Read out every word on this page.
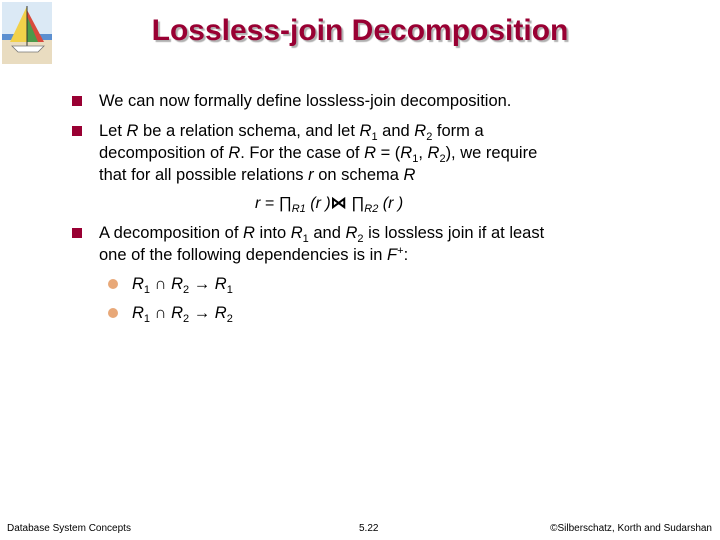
Lossless-join Decomposition
We can now formally define lossless-join decomposition.
Let R be a relation schema, and let $R_1$ and $R_2$ form a
decomposition of R. For the case of $R = (R_1$, $R_2$), we require
that for all possible relations r on schema R
$r = \prod_{R1}$ (r )⋈ $\prod_{R2}$ (r )
A decomposition of R into $R_1$ and $R_2$ is lossless join if at least
one of the following dependencies is in F+:
$R_1$ ∩ $R_2 \to R_1$
$R_1$ ∩ $R_2 \to R_2$
Database System Concepts	5.22	©Silberschatz, Korth and Sudarshan
